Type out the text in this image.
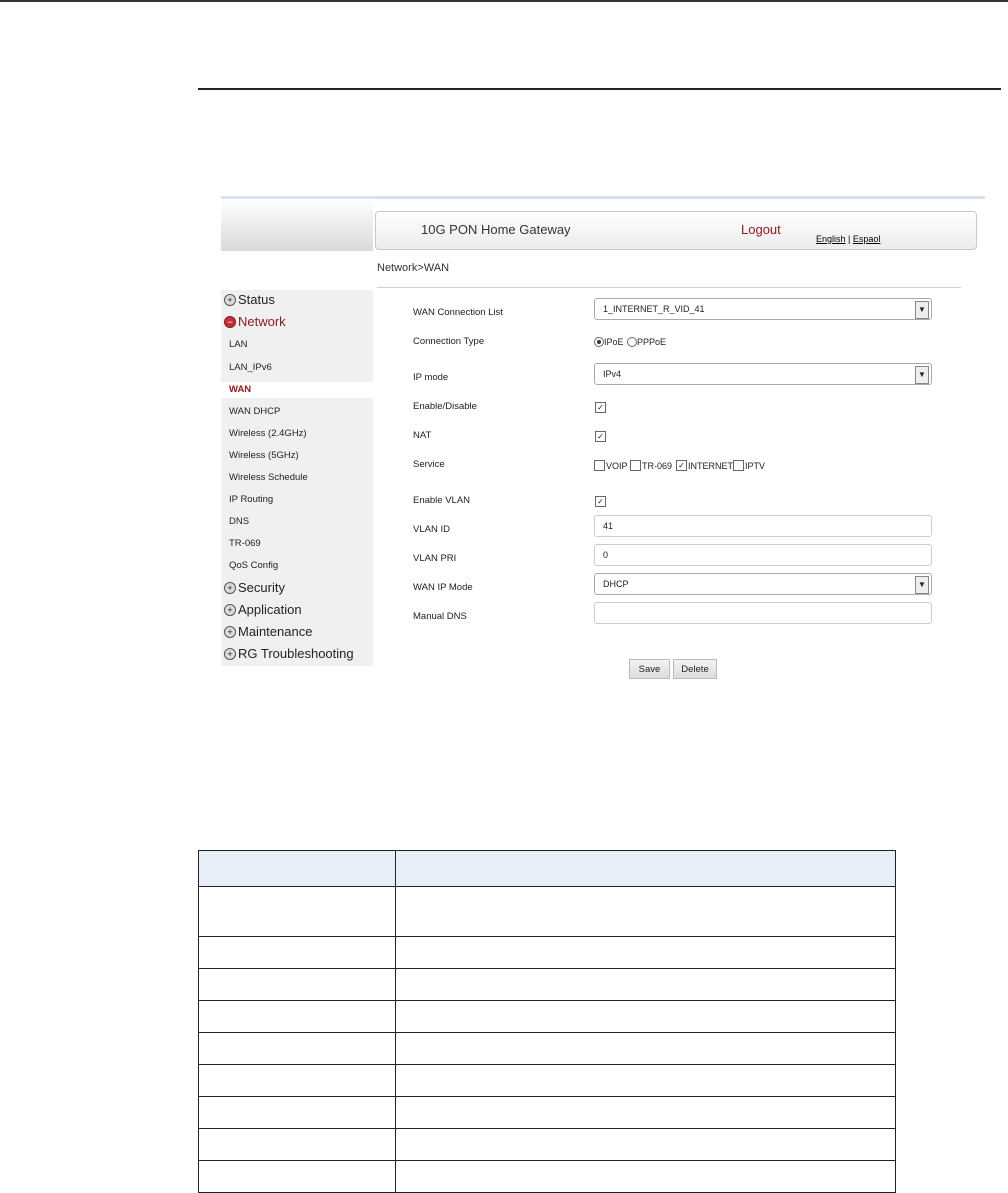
10G PON Home Gateway	Logout
English | Espaol
Network>WAN
+ Status
− Network
LAN
LAN_IPv6
WAN
WAN DHCP
Wireless (2.4GHz)
Wireless (5GHz)
Wireless Schedule
IP Routing
DNS
TR-069
QoS Config
+ Security
+ Application
+ Maintenance
+ RG Troubleshooting
WAN Connection List	1_INTERNET_R_VID_41	▼
Connection Type	IPoE PPPoE
IP mode	IPv4	▼
Enable/Disable	✓
NAT	✓
Service	VOIP TR-069 ✓ INTERNET IPTV
Enable VLAN	✓
VLAN ID	41
VLAN PRI	0
WAN IP Mode	DHCP	▼
Manual DNS
Save	Delete
